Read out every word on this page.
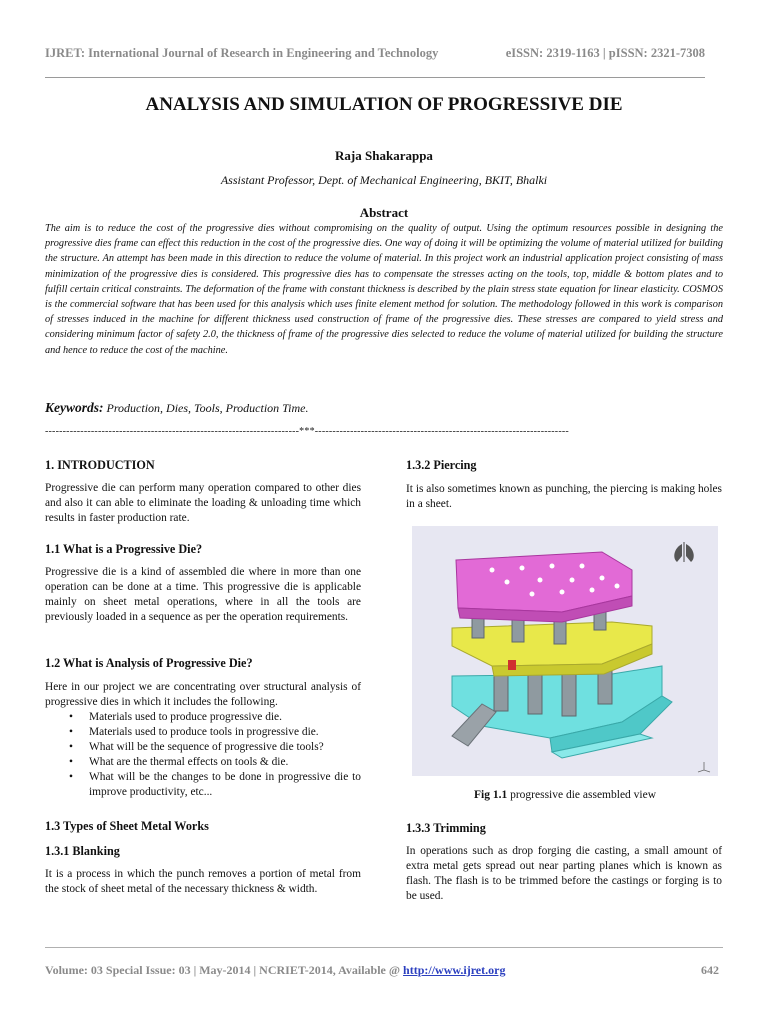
IJRET: International Journal of Research in Engineering and Technology	eISSN: 2319-1163 | pISSN: 2321-7308
ANALYSIS AND SIMULATION OF PROGRESSIVE DIE
Raja Shakarappa
Assistant Professor, Dept. of Mechanical Engineering, BKIT, Bhalki
Abstract
The aim is to reduce the cost of the progressive dies without compromising on the quality of output. Using the optimum resources possible in designing the progressive dies frame can effect this reduction in the cost of the progressive dies. One way of doing it will be optimizing the volume of material utilized for building the structure. An attempt has been made in this direction to reduce the volume of material. In this project work an industrial application project consisting of mass minimization of the progressive dies is considered. This progressive dies has to compensate the stresses acting on the tools, top, middle & bottom plates and to fulfill certain critical constraints. The deformation of the frame with constant thickness is described by the plain stress state equation for linear elasticity. COSMOS is the commercial software that has been used for this analysis which uses finite element method for solution. The methodology followed in this work is comparison of stresses induced in the machine for different thickness used construction of frame of the progressive dies. These stresses are compared to yield stress and considering minimum factor of safety 2.0, the thickness of frame of the progressive dies selected to reduce the volume of material utilized for building the structure and hence to reduce the cost of the machine.
Keywords: Production, Dies, Tools, Production Time.
------------------------------------------------------------------------***------------------------------------------------------------------------
1. INTRODUCTION

Progressive die can perform many operation compared to other dies and also it can able to eliminate the loading & unloading time which results in faster production rate.

1.1 What is a Progressive Die?

Progressive die is a kind of assembled die where in more than one operation can be done at a time. This progressive die is applicable mainly on sheet metal operations, where in all the tools are previously loaded in a sequence as per the operation requirements.

1.2 What is Analysis of Progressive Die?

Here in our project we are concentrating over structural analysis of progressive dies in which it includes the following.

• Materials used to produce progressive die.
• Materials used to produce tools in progressive die.
• What will be the sequence of progressive die tools?
• What are the thermal effects on tools & die.
• What will be the changes to be done in progressive die to improve productivity, etc...
1.3 Types of Sheet Metal Works
1.3.1 Blanking

It is a process in which the punch removes a portion of metal from the stock of sheet metal of the necessary thickness & width.

1.3.2 Piercing

It is also sometimes known as punching, the piercing is making holes in a sheet.

Fig 1.1 progressive die assembled view
1.3.3 Trimming

In operations such as drop forging die casting, a small amount of extra metal gets spread out near parting planes which is known as flash. The flash is to be trimmed before the castings or forging is to be used.

Volume: 03 Special Issue: 03 | May-2014 | NCRIET-2014, Available @ http://www.ijret.org	642
